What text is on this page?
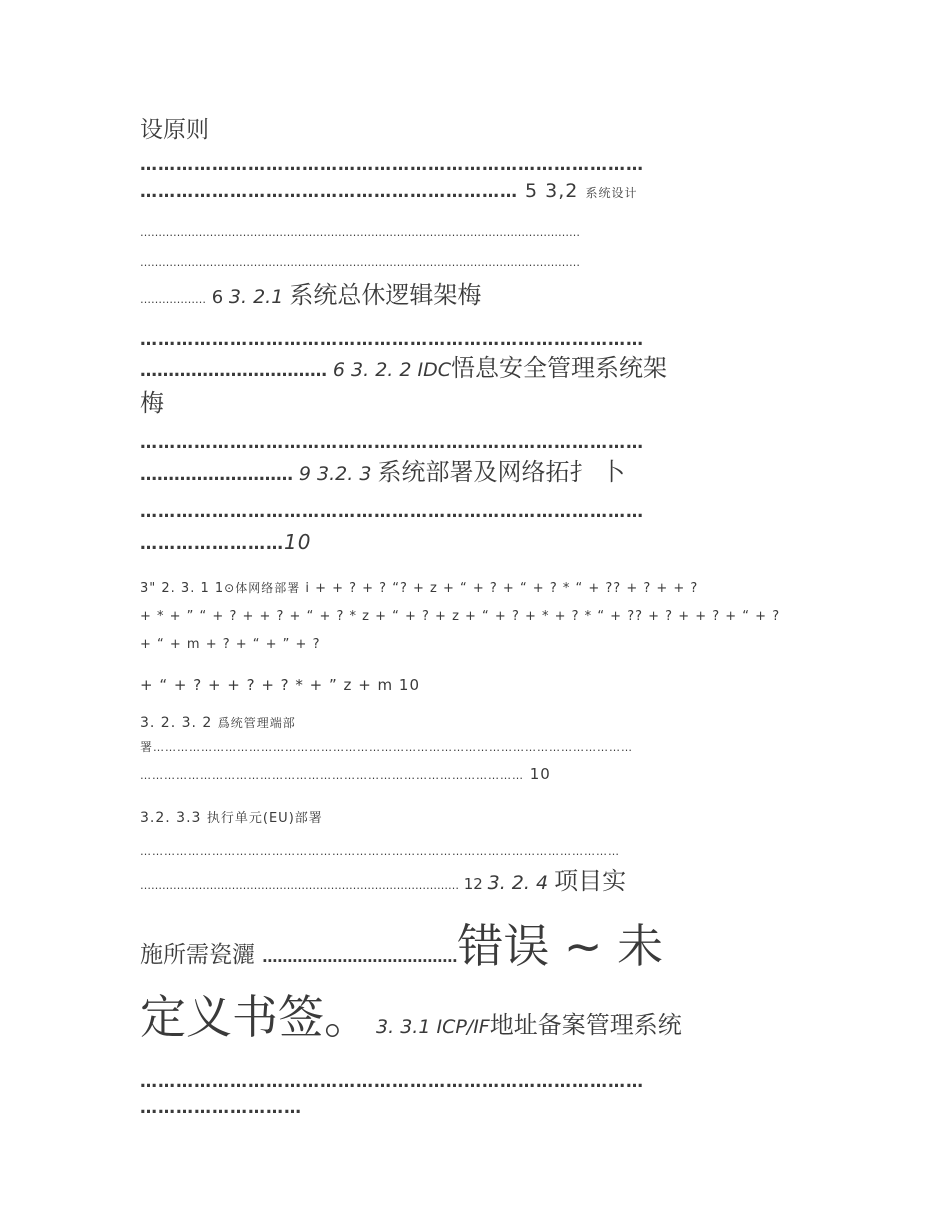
设原则
…………………………………………………………………………
……………………………………………………… 5 3,2 系统设计
…………………………………………………………………………………………………………
…………………………………………………………………………………………………………
……………… 6 3. 2.1 系统总休逻辑架梅
…………………………………………………………………………
…………………………… 6 3. 2. 2 IDC悟息安全管理系统架
梅
…………………………………………………………………………
……………………… 9 3.2. 3 系统部署及网络拓扌 卜
…………………………………………………………………………
……………………10
3" 2. 3. 1 1⊙体网络部署 i + + ? + ? “? + z + “ + ? + “ + ? * “ + ?? + ? + + ?
+ * + ” “ + ? + + ? + “ + ? * z + “ + ? + z + “ + ? + * + ? * “ + ?? + ? + + ? + “ + ?
+ “ + m + ? + “ + ” + ?
+ “ + ? + + ? + ? * + ” z + m 10
3. 2. 3. 2 爲统管理端部
署…………………………………………………………………………………………………………
…………………………………………………………………………………… 10
3.2. 3.3 执行单元(EU)部署
…………………………………………………………………………………………………………
…………………………………………………………………………… 12 3. 2. 4 项目实
施所需瓷灑 …………………………………错误 ~ 未
定义书签。 3. 3.1 ICP/IF地址备案管理系统
…………………………………………………………………………
………………………
